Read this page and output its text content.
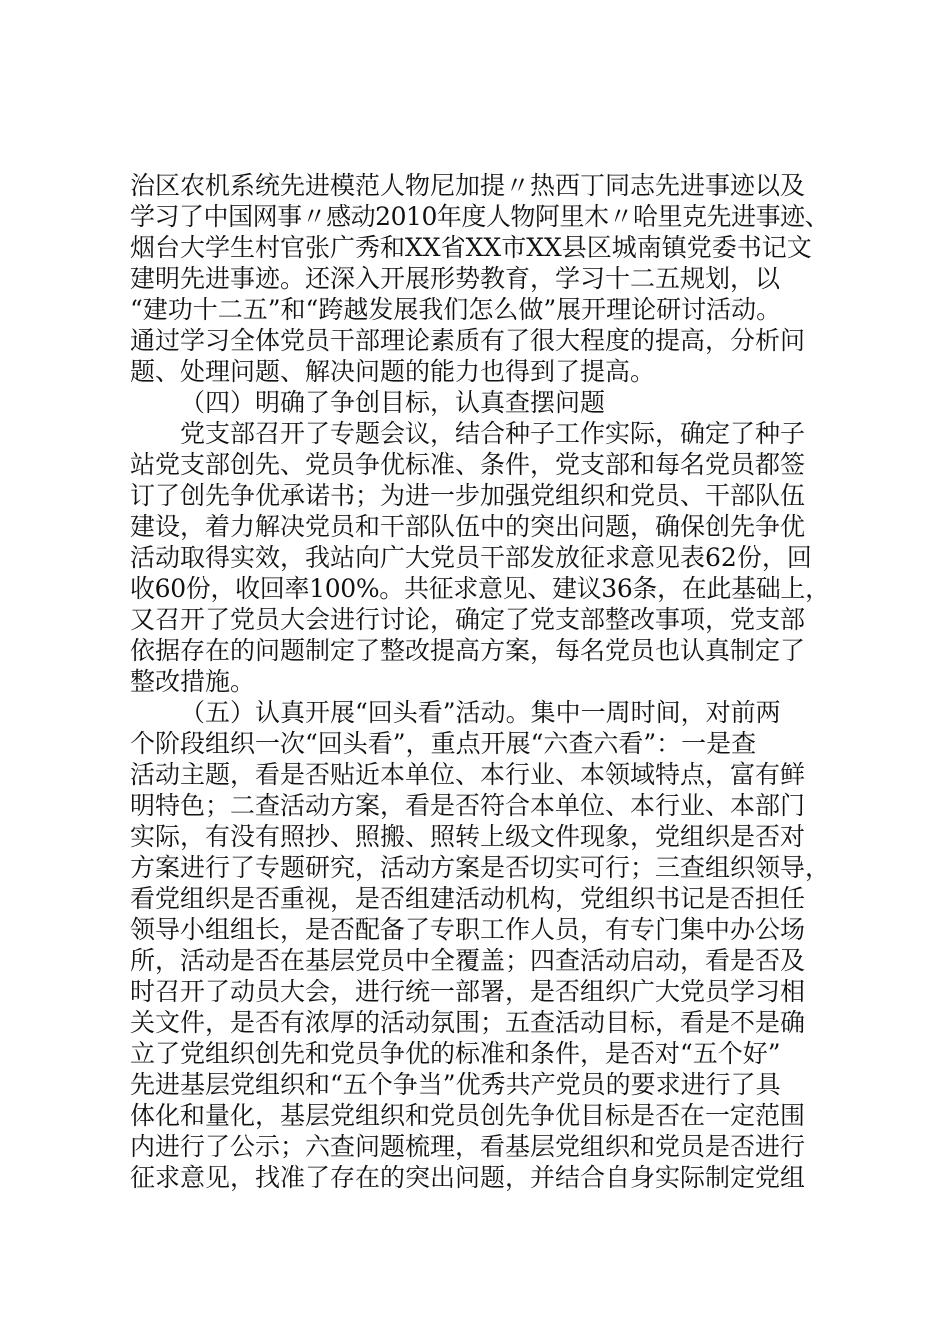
治区农机系统先进模范人物尼加提〃热西丁同志先进事迹以及
学习了中国网事〃感动2010年度人物阿里木〃哈里克先进事迹、
烟台大学生村官张广秀和XX省XX市XX县区城南镇党委书记文
建明先进事迹。还深入开展形势教育，学习十二五规划，以
“建功十二五”和“跨越发展我们怎么做”展开理论研讨活动。
通过学习全体党员干部理论素质有了很大程度的提高，分析问
题、处理问题、解决问题的能力也得到了提高。
（四）明确了争创目标，认真查摆问题
党支部召开了专题会议，结合种子工作实际，确定了种子
站党支部创先、党员争优标准、条件，党支部和每名党员都签
订了创先争优承诺书；为进一步加强党组织和党员、干部队伍
建设，着力解决党员和干部队伍中的突出问题，确保创先争优
活动取得实效，我站向广大党员干部发放征求意见表62份，回
收60份，收回率100%。共征求意见、建议36条，在此基础上，
又召开了党员大会进行讨论，确定了党支部整改事项，党支部
依据存在的问题制定了整改提高方案，每名党员也认真制定了
整改措施。
（五）认真开展“回头看”活动。集中一周时间，对前两
个阶段组织一次“回头看”，重点开展“六查六看”：一是查
活动主题，看是否贴近本单位、本行业、本领域特点，富有鲜
明特色；二查活动方案，看是否符合本单位、本行业、本部门
实际，有没有照抄、照搬、照转上级文件现象，党组织是否对
方案进行了专题研究，活动方案是否切实可行；三查组织领导，
看党组织是否重视，是否组建活动机构，党组织书记是否担任
领导小组组长，是否配备了专职工作人员，有专门集中办公场
所，活动是否在基层党员中全覆盖；四查活动启动，看是否及
时召开了动员大会，进行统一部署，是否组织广大党员学习相
关文件，是否有浓厚的活动氛围；五查活动目标，看是不是确
立了党组织创先和党员争优的标准和条件，是否对“五个好”
先进基层党组织和“五个争当”优秀共产党员的要求进行了具
体化和量化，基层党组织和党员创先争优目标是否在一定范围
内进行了公示；六查问题梳理，看基层党组织和党员是否进行
征求意见，找准了存在的突出问题，并结合自身实际制定党组
